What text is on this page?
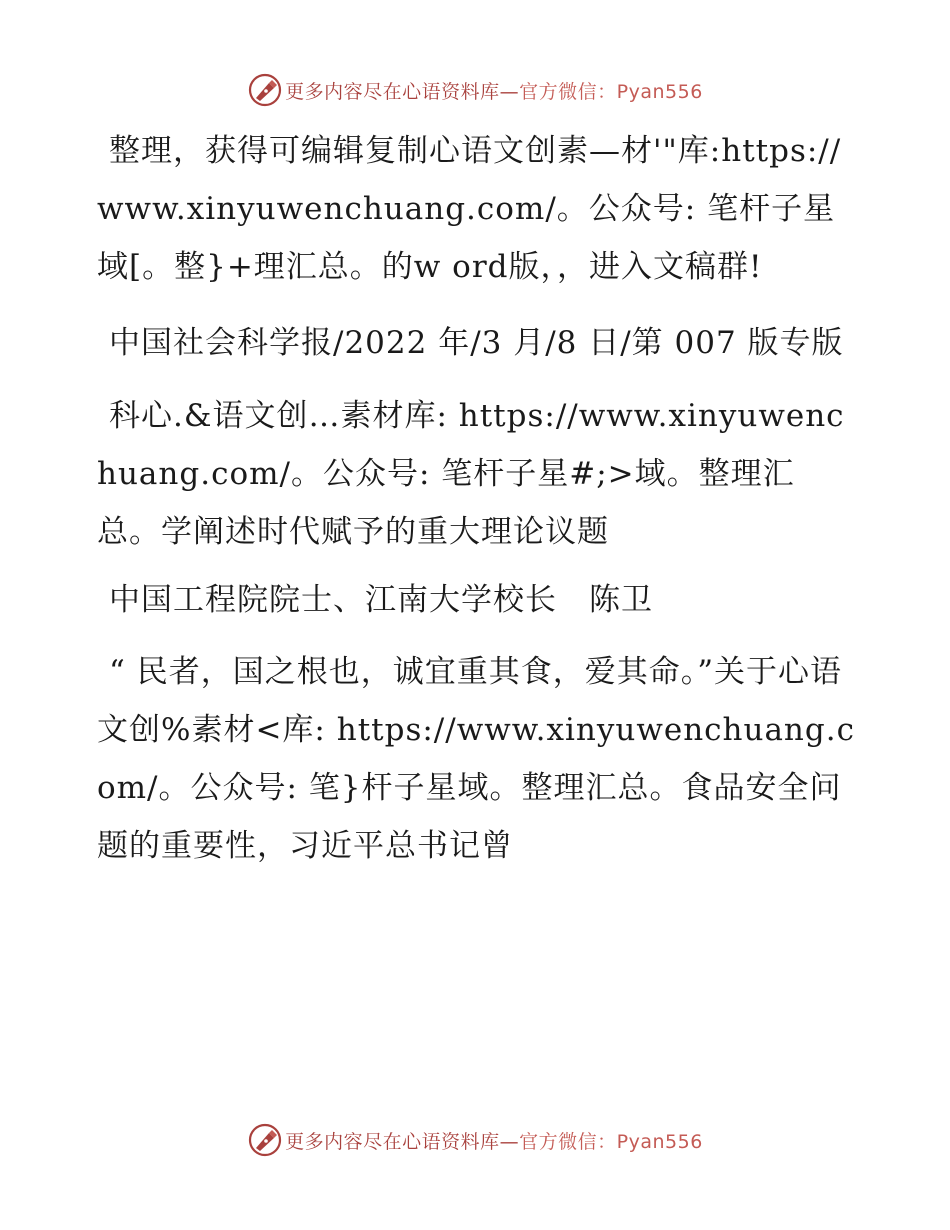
更多内容尽在心语资料库—官方微信：Pyan556

整理，获得可编辑复制心语文创素—材'"库:https://www.xinyuwenchuang.com/。公众号: 笔杆子星域[。整}+理汇总。的w ord版，，进入文稿群!

中国社会科学报/2022 年/3 月/8 日/第 007 版专版

科心.&语文创…素材库: https://www.xinyuwenchuang.com/。公众号: 笔杆子星#;>域。整理汇总。学阐述时代赋予的重大理论议题

中国工程院院士、江南大学校长　陈卫

“ 民者，国之根也，诚宜重其食，爱其命。”关于心语文创%素材<库: https://www.xinyuwenchuang.com/。公众号: 笔}杆子星域。整理汇总。食品安全问题的重要性，习近平总书记曾

更多内容尽在心语资料库—官方微信：Pyan556
